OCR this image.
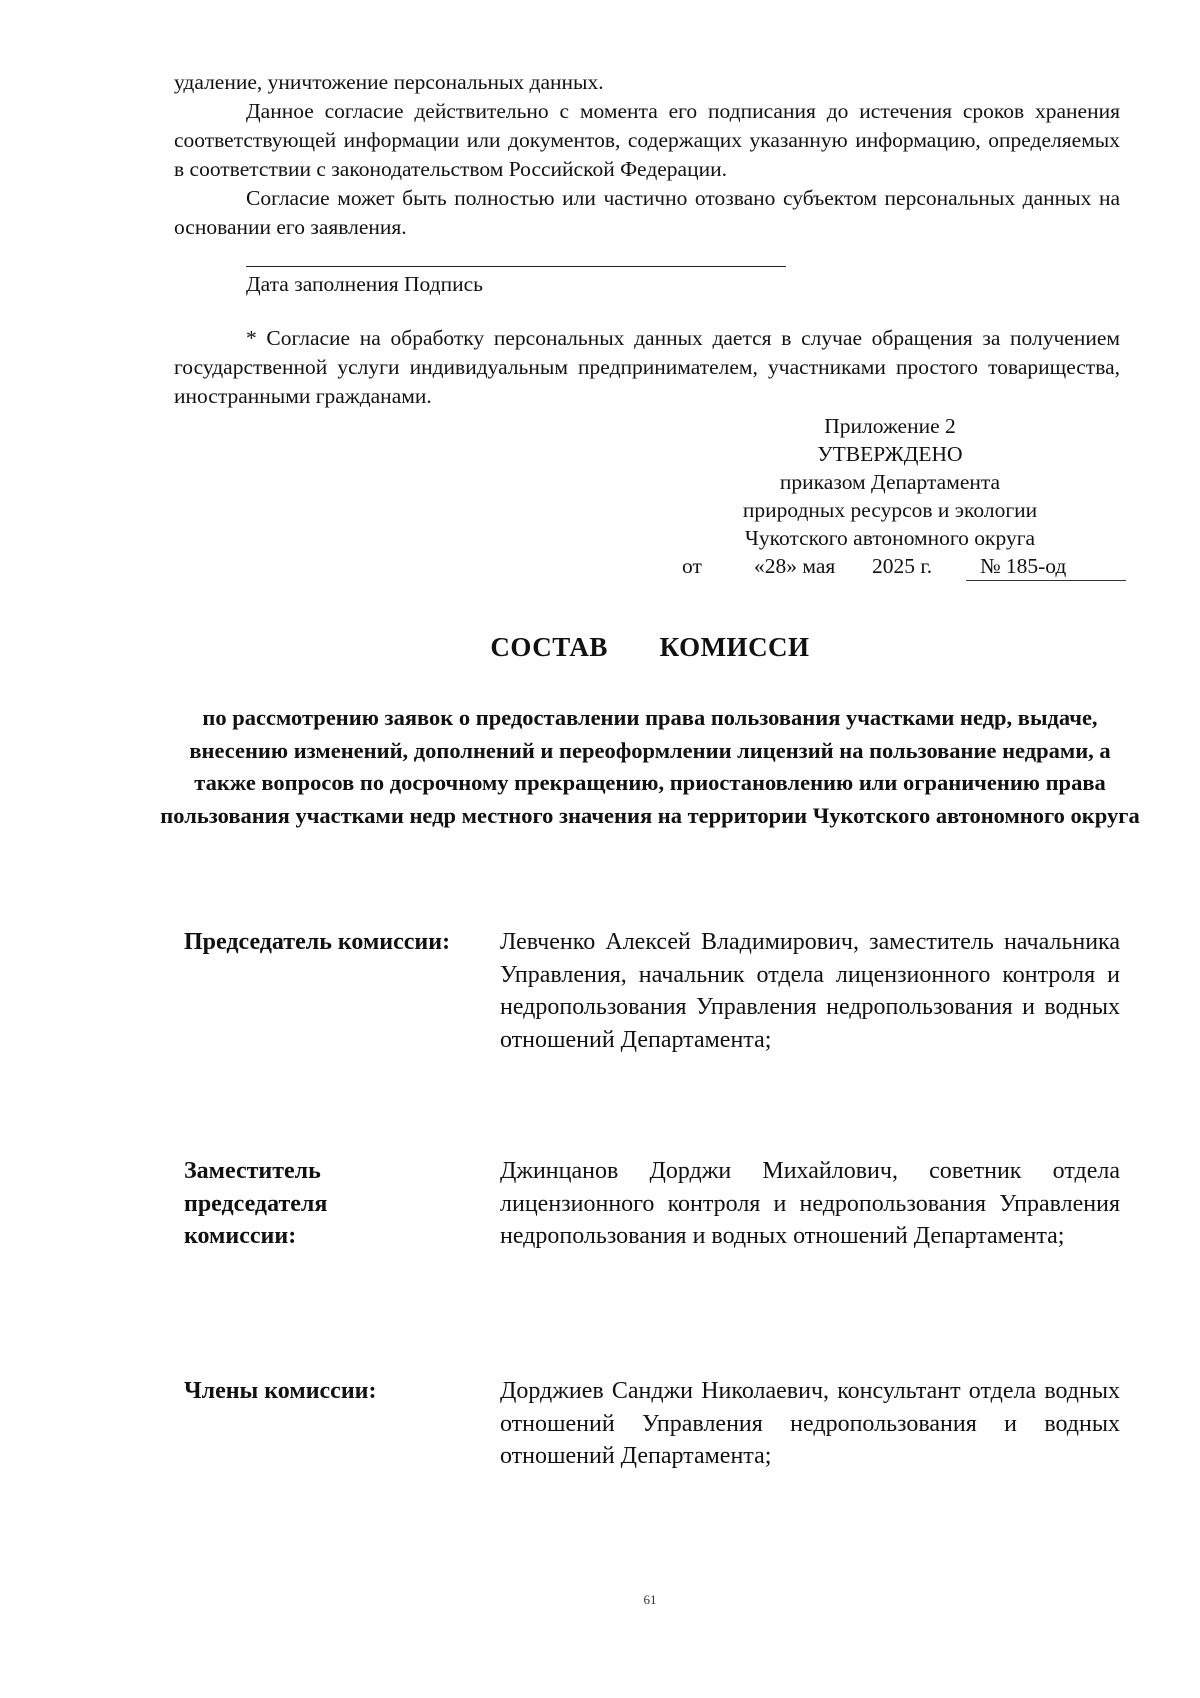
удаление, уничтожение персональных данных.

Данное согласие действительно с момента его подписания до истечения сроков хранения соответствующей информации или документов, содержащих указанную информацию, определяемых в соответствии с законодательством Российской Федерации.

Согласие может быть полностью или частично отозвано субъектом персональных данных на основании его заявления.

Дата заполнения Подпись

* Согласие на обработку персональных данных дается в случае обращения за получением государственной услуги индивидуальным предпринимателем, участниками простого товарищества, иностранными гражданами.

Приложение 2
УТВЕРЖДЕНО
приказом Департамента
природных ресурсов и экологии
Чукотского автономного округа
от «28» мая 2025 г. № 185-од
СОСТАВ   КОМИССИ
по рассмотрению заявок о предоставлении права пользования участками недр, выдаче, внесению изменений, дополнений и переоформлении лицензий на пользование недрами, а также вопросов по досрочному прекращению, приостановлению или ограничению права пользования участками недр местного значения на территории Чукотского автономного округа
Председатель комиссии:	Левченко Алексей Владимирович, заместитель начальника Управления, начальник отдела лицензионного контроля и недропользования Управления недропользования и водных отношений Департамента;
Заместитель председателя комиссии:
Джинцанов Дорджи Михайлович, советник отдела лицензионного контроля и недропользования Управления недропользования и водных отношений Департамента;
Члены комиссии:	Дорджиев Санджи Николаевич, консультант отдела водных отношений Управления недропользования и водных отношений Департамента;
61
